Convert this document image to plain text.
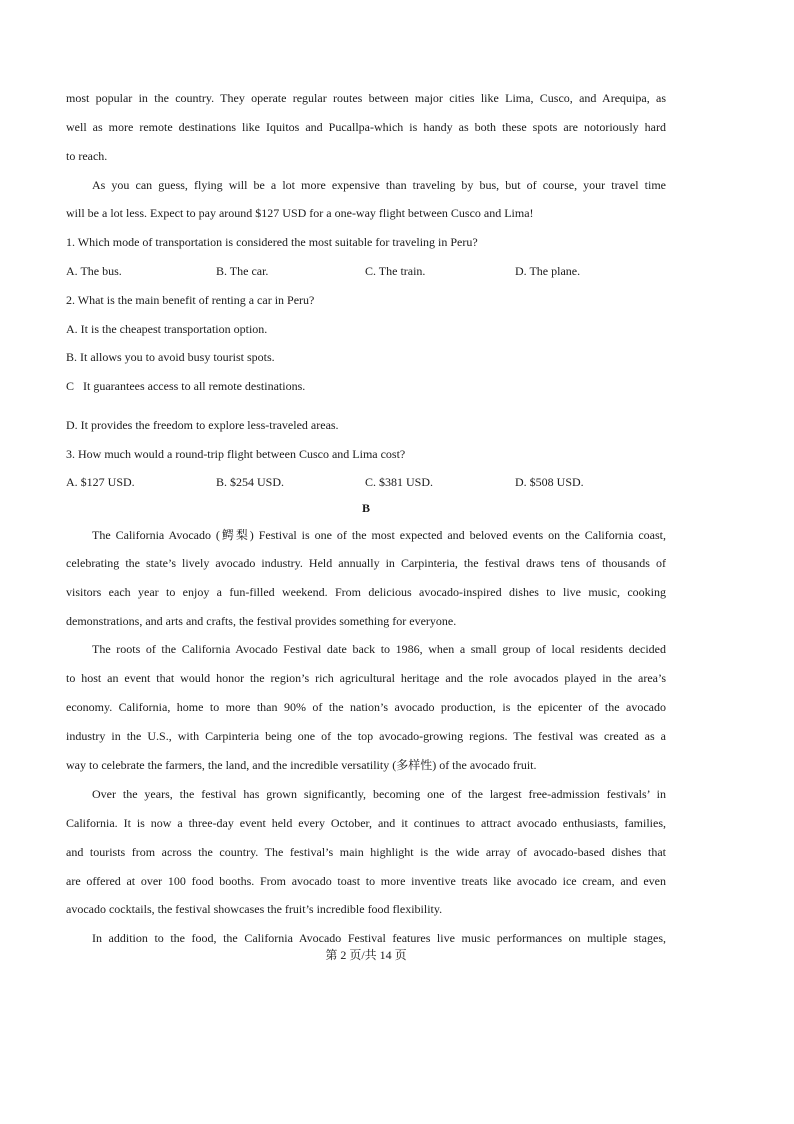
most popular in the country. They operate regular routes between major cities like Lima, Cusco, and Arequipa, as
well as more remote destinations like Iquitos and Pucallpa-which is handy as both these spots are notoriously hard
to reach.
As you can guess, flying will be a lot more expensive than traveling by bus, but of course, your travel time
will be a lot less. Expect to pay around $127 USD for a one-way flight between Cusco and Lima!
1. Which mode of transportation is considered the most suitable for traveling in Peru?
A. The bus.	B. The car.	C. The train.	D. The plane.
2. What is the main benefit of renting a car in Peru?
A. It is the cheapest transportation option.
B. It allows you to avoid busy tourist spots.
C   It guarantees access to all remote destinations.
D. It provides the freedom to explore less-traveled areas.
3. How much would a round-trip flight between Cusco and Lima cost?
A. $127 USD.	B. $254 USD.	C. $381 USD.	D. $508 USD.
B
The California Avocado (鳄梨) Festival is one of the most expected and beloved events on the California coast,
celebrating the state’s lively avocado industry. Held annually in Carpinteria, the festival draws tens of thousands of
visitors each year to enjoy a fun-filled weekend. From delicious avocado-inspired dishes to live music, cooking
demonstrations, and arts and crafts, the festival provides something for everyone.
The roots of the California Avocado Festival date back to 1986, when a small group of local residents decided
to host an event that would honor the region’s rich agricultural heritage and the role avocados played in the area’s
economy. California, home to more than 90% of the nation’s avocado production, is the epicenter of the avocado
industry in the U.S., with Carpinteria being one of the top avocado-growing regions. The festival was created as a
way to celebrate the farmers, the land, and the incredible versatility (多样性) of the avocado fruit.
Over the years, the festival has grown significantly, becoming one of the largest free-admission festivals’ in
California. It is now a three-day event held every October, and it continues to attract avocado enthusiasts, families,
and tourists from across the country. The festival’s main highlight is the wide array of avocado-based dishes that
are offered at over 100 food booths. From avocado toast to more inventive treats like avocado ice cream, and even
avocado cocktails, the festival showcases the fruit’s incredible food flexibility.
In addition to the food, the California Avocado Festival features live music performances on multiple stages,
第 2 页/共 14 页
